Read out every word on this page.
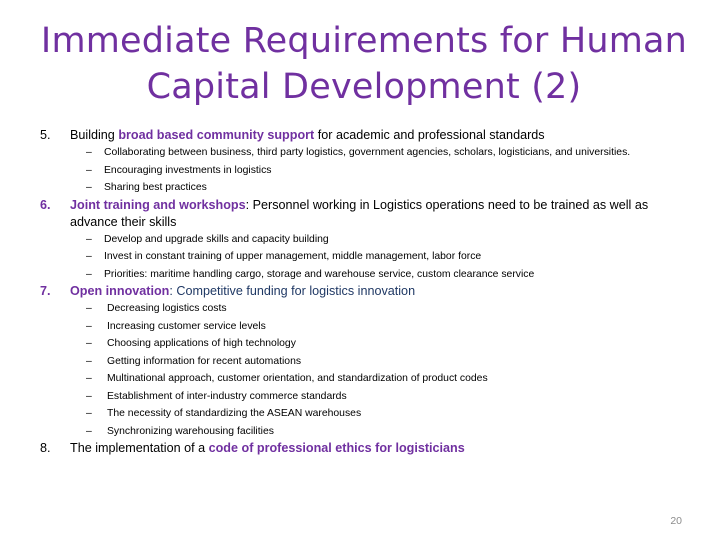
Immediate Requirements for Human
Capital Development (2)
5. Building broad based community support for academic and professional standards
– Collaborating between business, third party logistics, government agencies, scholars, logisticians, and universities.
– Encouraging investments in logistics
– Sharing best practices
6. Joint training and workshops: Personnel working in Logistics operations need to be trained as well as advance their skills
– Develop and upgrade skills and capacity building
– Invest in constant training of upper management, middle management, labor force
– Priorities: maritime handling cargo, storage and warehouse service, custom clearance service
7. Open innovation: Competitive funding for logistics innovation
– Decreasing logistics costs
– Increasing customer service levels
– Choosing applications of high technology
– Getting information for recent automations
– Multinational approach, customer orientation, and standardization of product codes
– Establishment of inter-industry commerce standards
– The necessity of standardizing the ASEAN warehouses
– Synchronizing warehousing facilities
8. The implementation of a code of professional ethics for logisticians
20
